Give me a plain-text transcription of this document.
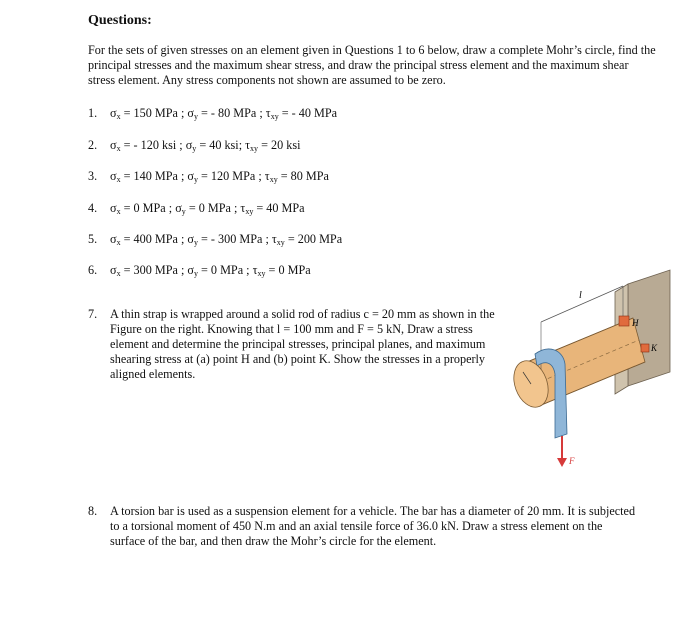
Questions:
For the sets of given stresses on an element given in Questions 1 to 6 below, draw a complete Mohr’s circle, find the principal stresses and the maximum shear stress, and draw the principal stress element and the maximum shear stress element. Any stress components not shown are assumed to be zero.
1. $\sigma_x = 150$ MPa ; $\sigma_y$ = - 80 MPa ; $\tau_{xy}$ = - 40 MPa
2. $\sigma_x$ = - 120 ksi ; $\sigma_y = 40$ ksi; $\tau_{xy} = 20$ ksi
3. $\sigma_x = 140$ MPa ; $\sigma_y = 120$ MPa ; $\tau_{xy} = 80$ MPa
4. $\sigma_x = 0$ MPa ; $\sigma_y = 0$ MPa ; $\tau_{xy} = 40$ MPa
5. $\sigma_x = 400$ MPa ; $\sigma_y$ = - 300 MPa ; $\tau_{xy} = 200$ MPa
6. $\sigma_x = 300$ MPa ; $\sigma_y = 0$ MPa ; $\tau_{xy} = 0$ MPa
7. A thin strap is wrapped around a solid rod of radius c = 20 mm as shown in the Figure on the right. Knowing that l = 100 mm and F = 5 kN, Draw a stress element and determine the principal stresses, principal planes, and maximum shearing stress at (a) point H and (b) point K. Show the stresses in a properly aligned elements.
l
H
K
F
8. A torsion bar is used as a suspension element for a vehicle. The bar has a diameter of 20 mm. It is subjected to a torsional moment of 450 N.m and an axial tensile force of 36.0 kN. Draw a stress element on the surface of the bar, and then draw the Mohr’s circle for the element.
